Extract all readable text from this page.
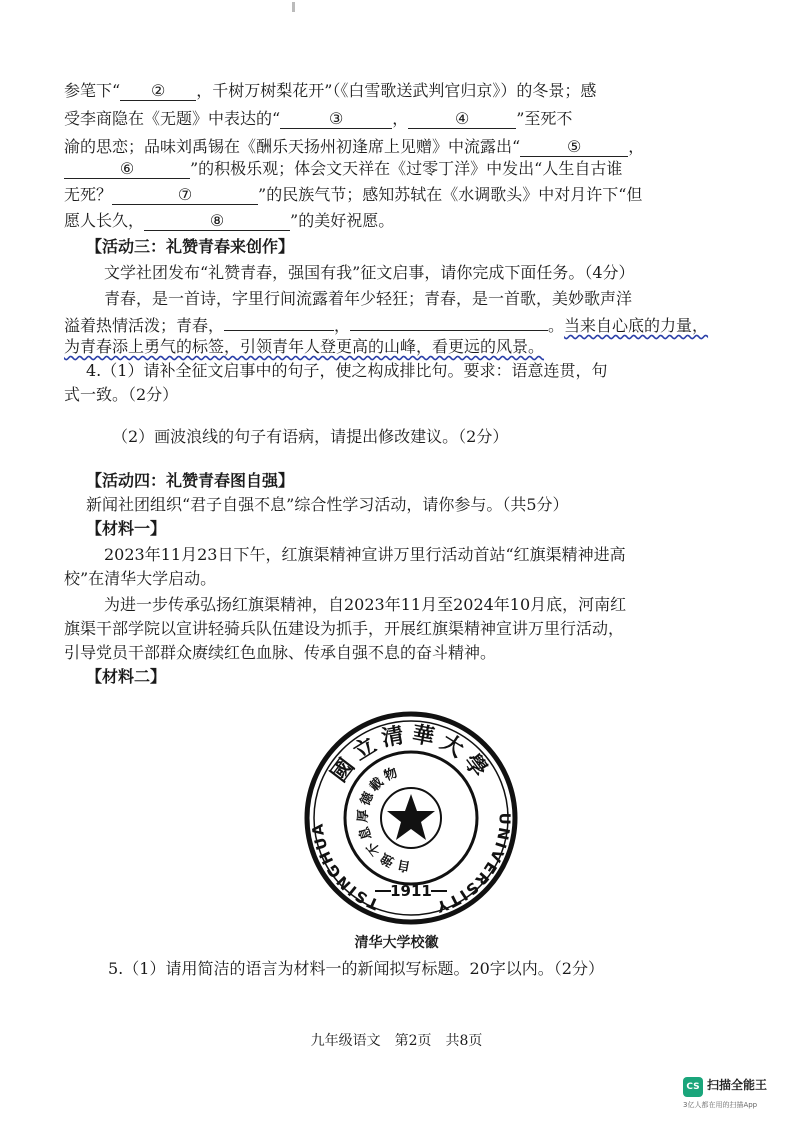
参笔下“ ② ，千树万树梨花开”（《白雪歌送武判官归京》）的冬景；感
受李商隐在《无题》中表达的“	③	，	④	”至死不
渝的思恋；品味刘禹锡在《酬乐天扬州初逢席上见赠》中流露出“	⑤	，
⑥	”的积极乐观；体会文天祥在《过零丁洋》中发出“人生自古谁
无死？	⑦	”的民族气节；感知苏轼在《水调歌头》中对月许下“但
愿人长久，	⑧	”的美好祝愿。
【活动三：礼赞青春来创作】
文学社团发布“礼赞青春，强国有我”征文启事，请你完成下面任务。（4分）
青春，是一首诗，字里行间流露着年少轻狂；青春，是一首歌，美妙歌声洋
溢着热情活泼；青春，	，	。当来自心底的力量，
为青春添上勇气的标签，引领青年人登更高的山峰，看更远的风景。
4.（1）请补全征文启事中的句子，使之构成排比句。要求：语意连贯，句
式一致。（2分）
（2）画波浪线的句子有语病，请提出修改建议。（2分）
【活动四：礼赞青春图自强】
新闻社团组织“君子自强不息”综合性学习活动，请你参与。（共5分）
【材料一】
2023年11月23日下午，红旗渠精神宣讲万里行活动首站“红旗渠精神进高
校”在清华大学启动。
为进一步传承弘扬红旗渠精神，自2023年11月至2024年10月底，河南红
旗渠干部学院以宣讲轻骑兵队伍建设为抓手，开展红旗渠精神宣讲万里行活动，
引导党员干部群众赓续红色血脉、传承自强不息的奋斗精神。
【材料二】
國立清華大學
TSINGHUA
UNIVERSITY
自強不息厚德載物
1911
清华大学校徽
5.（1）请用简洁的语言为材料一的新闻拟写标题。20字以内。（2分）
九年级语文 第2页 共8页
CS 扫描全能王
3亿人都在用的扫描App
